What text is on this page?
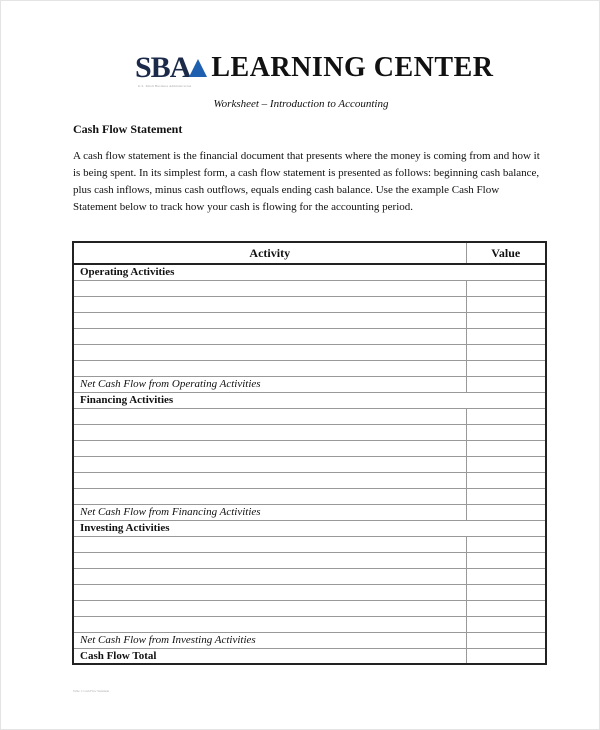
SBA LEARNING CENTER
U.S. Small Business Administration
Worksheet – Introduction to Accounting
Cash Flow Statement
A cash flow statement is the financial document that presents where the money is coming from and how it is being spent. In its simplest form, a cash flow statement is presented as follows: beginning cash balance, plus cash inflows, minus cash outflows, equals ending cash balance. Use the example Cash Flow Statement below to track how your cash is flowing for the accounting period.
Activity	Value
Operating Activities	

Net Cash Flow from Operating Activities	
Financing Activities	

Net Cash Flow from Financing Activities	
Investing Activities	

Net Cash Flow from Investing Activities	
Cash Flow Total	
Table 1: Cash Flow Statement
